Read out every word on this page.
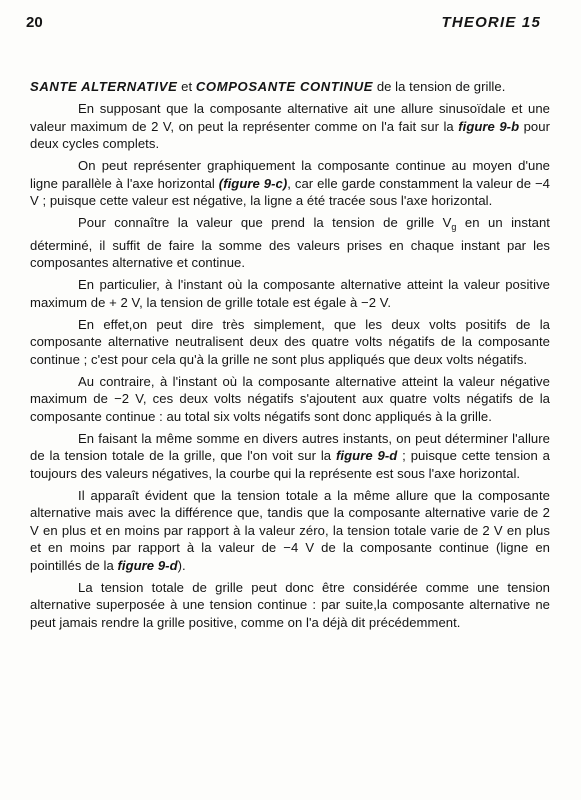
20	THEORIE 15

SANTE ALTERNATIVE et COMPOSANTE CONTINUE de la tension de grille.

En supposant que la composante alternative ait une allure sinusoïdale et une valeur maximum de 2 V, on peut la représenter comme on l'a fait sur la figure 9-b pour deux cycles complets.

On peut représenter graphiquement la composante continue au moyen d'une ligne parallèle à l'axe horizontal (figure 9-c), car elle garde constamment la valeur de −4 V ; puisque cette valeur est négative, la ligne a été tracée sous l'axe horizontal.

Pour connaître la valeur que prend la tension de grille $V_g$ en un instant déterminé, il suffit de faire la somme des valeurs prises en chaque instant par les composantes alternative et continue.

En particulier, à l'instant où la composante alternative atteint la valeur positive maximum de + 2 V, la tension de grille totale est égale à −2 V.

En effet,on peut dire très simplement, que les deux volts positifs de la composante alternative neutralisent deux des quatre volts négatifs de la composante continue ; c'est pour cela qu'à la grille ne sont plus appliqués que deux volts négatifs.

Au contraire, à l'instant où la composante alternative atteint la valeur négative maximum de −2 V, ces deux volts négatifs s'ajoutent aux quatre volts négatifs de la composante continue : au total six volts négatifs sont donc appliqués à la grille.

En faisant la même somme en divers autres instants, on peut déterminer l'allure de la tension totale de la grille, que l'on voit sur la figure 9-d ; puisque cette tension a toujours des valeurs négatives, la courbe qui la représente est sous l'axe horizontal.

Il apparaît évident que la tension totale a la même allure que la composante alternative mais avec la différence que, tandis que la composante alternative varie de 2 V en plus et en moins par rapport à la valeur zéro, la tension totale varie de 2 V en plus et en moins par rapport à la valeur de −4 V de la composante continue (ligne en pointillés de la figure 9-d).

La tension totale de grille peut donc être considérée comme une tension alternative superposée à une tension continue : par suite,la composante alternative ne peut jamais rendre la grille positive, comme on l'a déjà dit précédemment.
